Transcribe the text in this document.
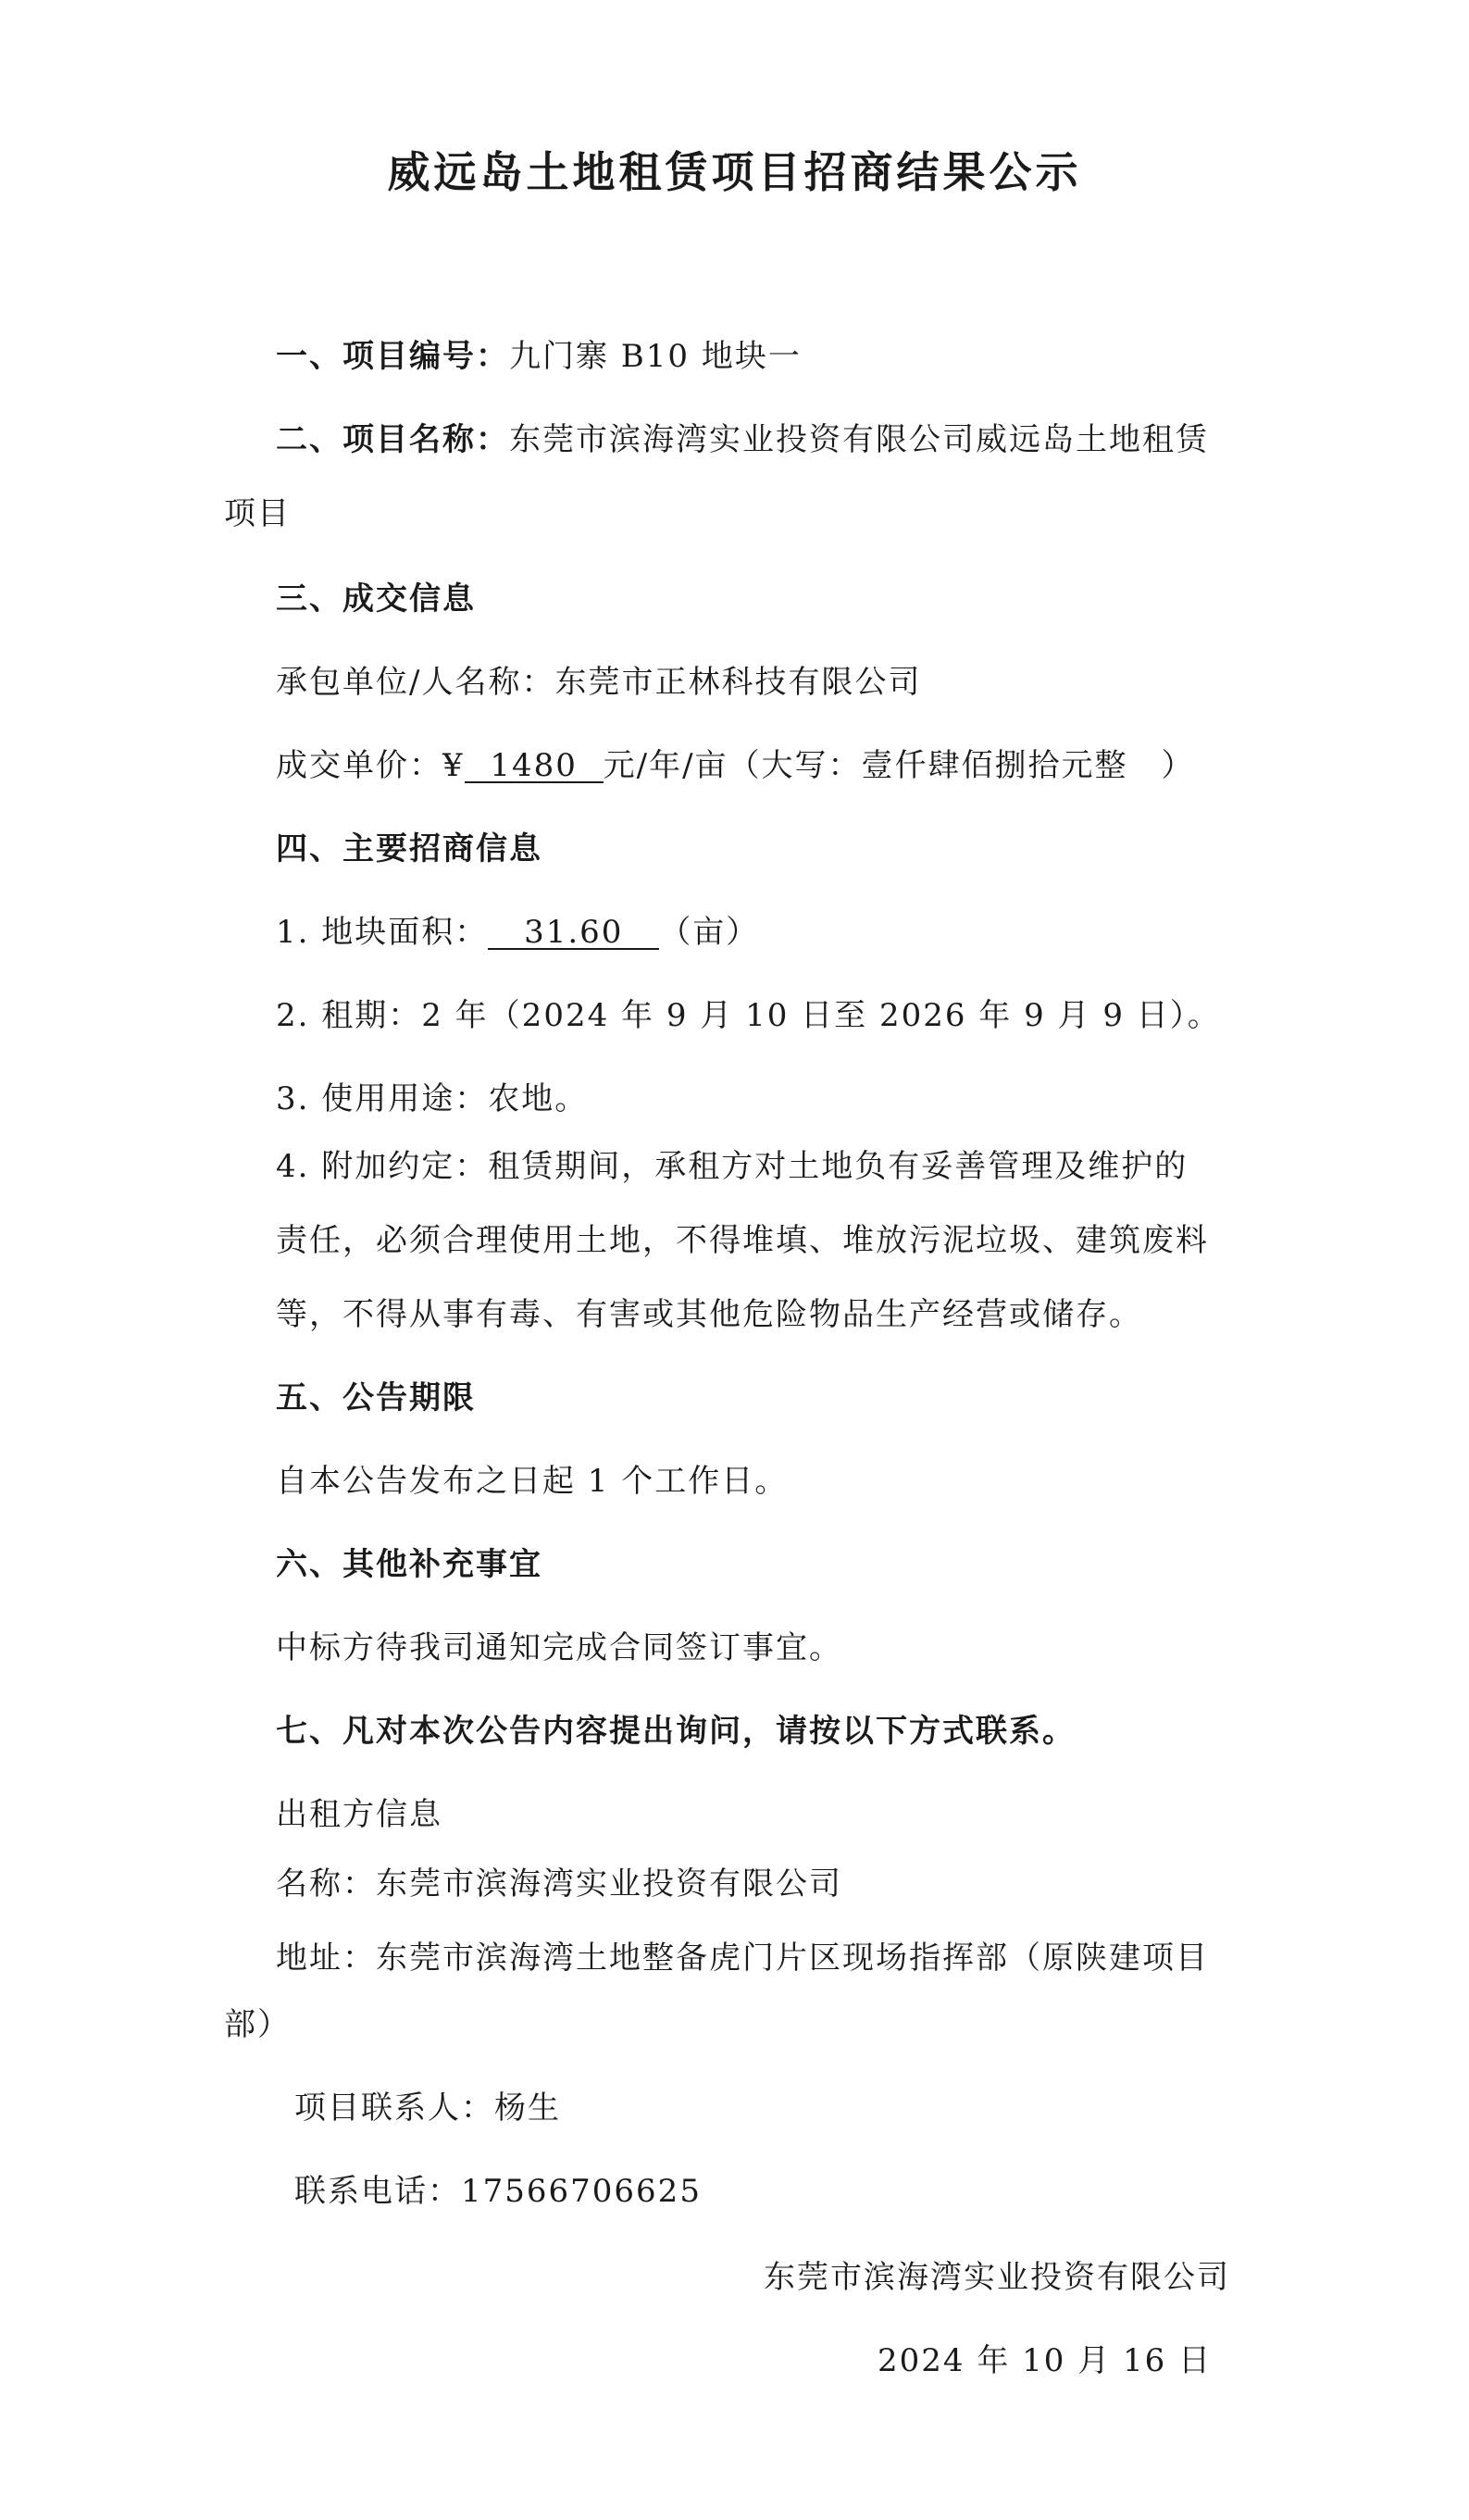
威远岛土地租赁项目招商结果公示
一、项目编号：九门寨 B10 地块一
二、项目名称：东莞市滨海湾实业投资有限公司威远岛土地租赁
项目
三、成交信息
承包单位/人名称：东莞市正林科技有限公司
成交单价：¥ 1480 元/年/亩（大写：壹仟肆佰捌拾元整　）
四、主要招商信息
1. 地块面积： 31.60 （亩）
2. 租期：2 年（2024 年 9 月 10 日至 2026 年 9 月 9 日）。
3. 使用用途：农地。
4. 附加约定：租赁期间，承租方对土地负有妥善管理及维护的
责任，必须合理使用土地，不得堆填、堆放污泥垃圾、建筑废料
等，不得从事有毒、有害或其他危险物品生产经营或储存。
五、公告期限
自本公告发布之日起 1 个工作日。
六、其他补充事宜
中标方待我司通知完成合同签订事宜。
七、凡对本次公告内容提出询问，请按以下方式联系。
出租方信息
名称：东莞市滨海湾实业投资有限公司
地址：东莞市滨海湾土地整备虎门片区现场指挥部（原陕建项目
部）
项目联系人：杨生
联系电话：17566706625
东莞市滨海湾实业投资有限公司
2024 年 10 月 16 日
